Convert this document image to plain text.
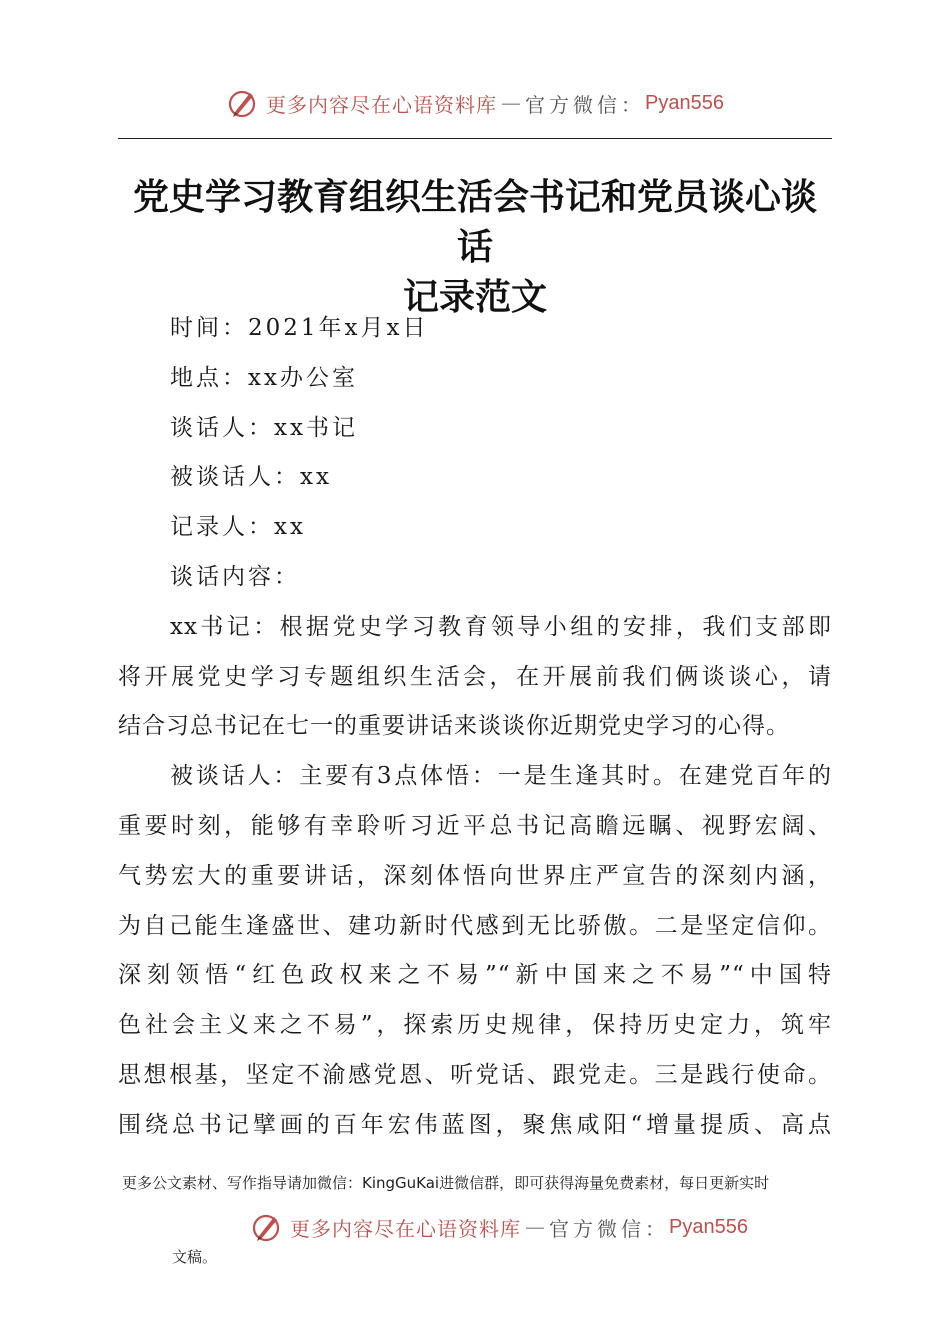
更多内容尽在心语资料库 — 官方微信： Pyan556
党史学习教育组织生活会书记和党员谈心谈话
记录范文
时间：2021年x月x日
地点：xx办公室
谈话人：xx书记
被谈话人：xx
记录人：xx
谈话内容：
xx书记：根据党史学习教育领导小组的安排，我们支部即
将开展党史学习专题组织生活会，在开展前我们俩谈谈心，请
结合习总书记在七一的重要讲话来谈谈你近期党史学习的心得。
被谈话人：主要有3点体悟：一是生逢其时。在建党百年的
重要时刻，能够有幸聆听习近平总书记高瞻远瞩、视野宏阔、
气势宏大的重要讲话，深刻体悟向世界庄严宣告的深刻内涵，
为自己能生逢盛世、建功新时代感到无比骄傲。二是坚定信仰。
深刻领悟“红色政权来之不易”“新中国来之不易”“中国特
色社会主义来之不易”，探索历史规律，保持历史定力，筑牢
思想根基，坚定不渝感党恩、听党话、跟党走。三是践行使命。
围绕总书记擘画的百年宏伟蓝图，聚焦咸阳“增量提质、高点
更多公文素材、写作指导请加微信：KingGuKai进微信群，即可获得海量免费素材，每日更新实时
更多内容尽在心语资料库 — 官方微信： Pyan556
文稿。
